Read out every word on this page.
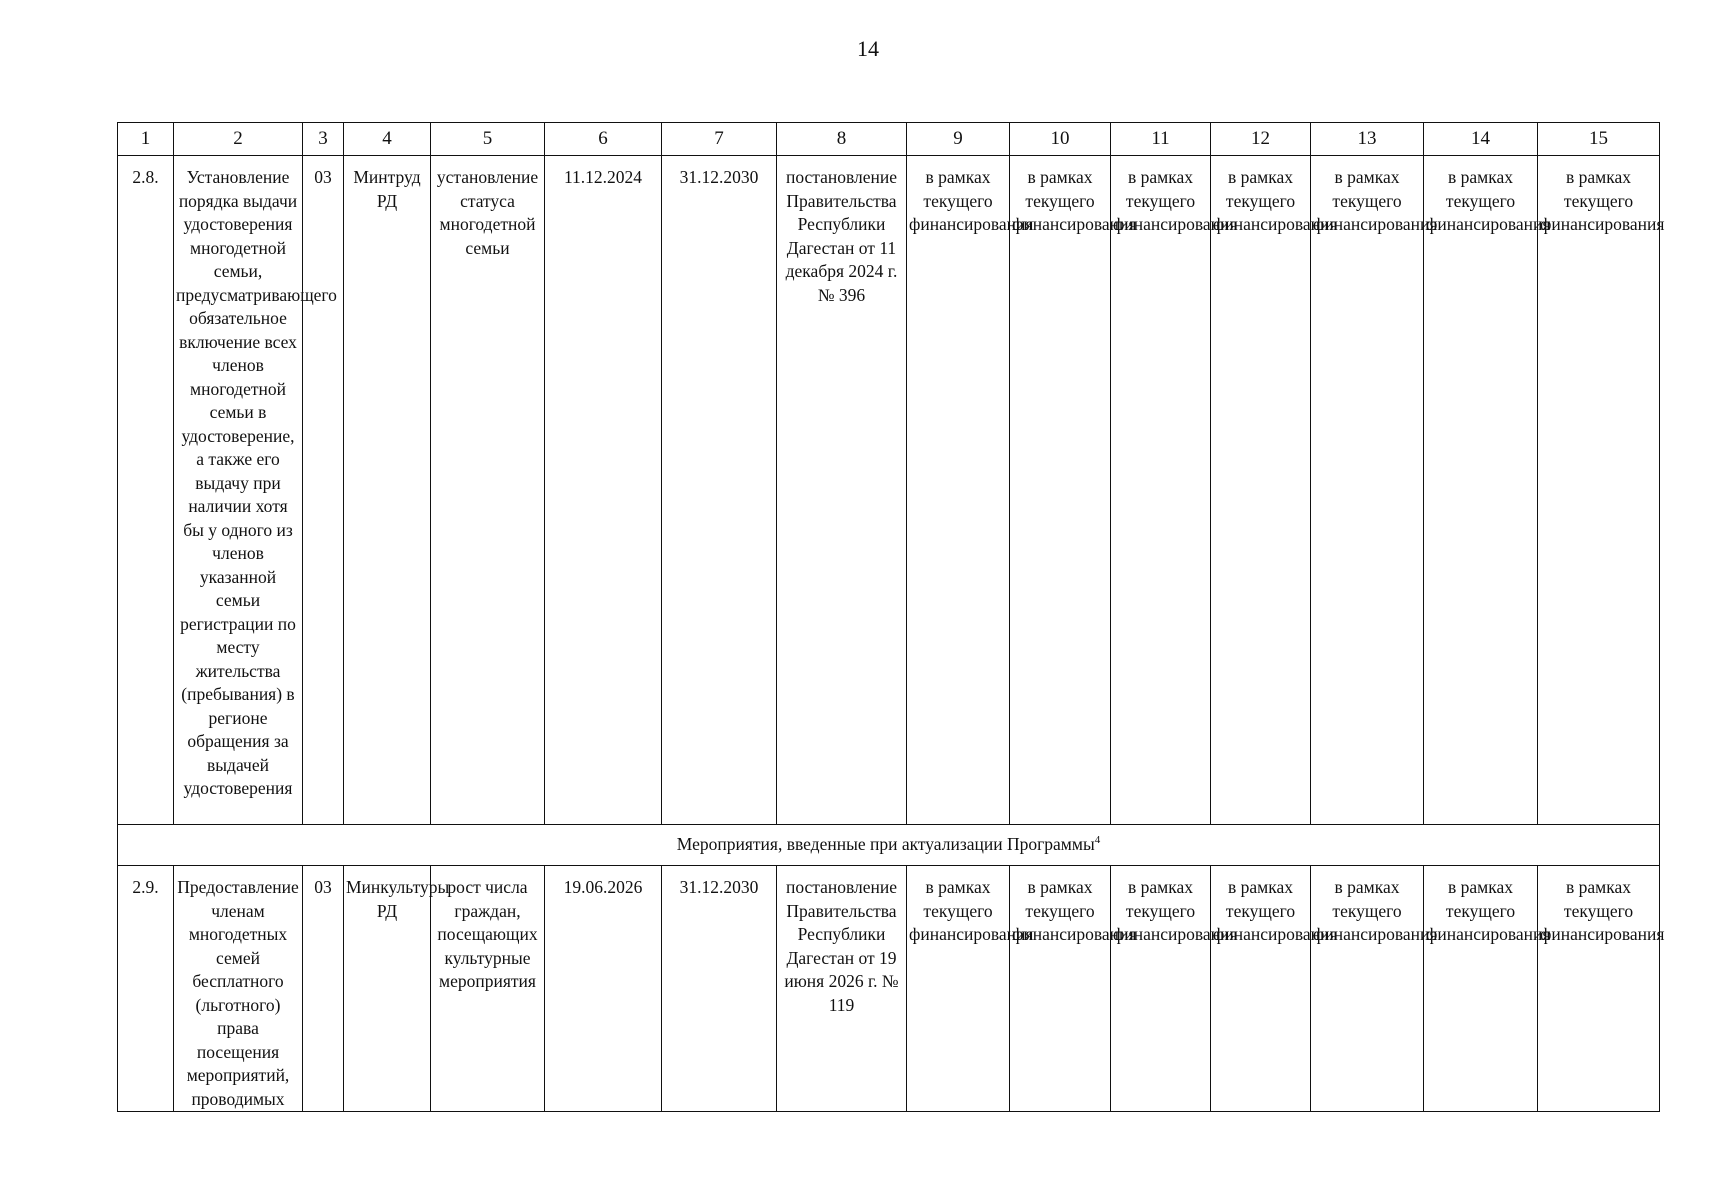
14
1	2	3	4	5	6	7	8	9	10	11	12	13	14	15
2.8.	Установление порядка выдачи удостоверения многодетной семьи, предусматривающего обязательное включение всех членов многодетной семьи в удостоверение, а также его выдачу при наличии хотя бы у одного из членов указанной семьи регистрации по месту жительства (пребывания) в регионе обращения за выдачей удостоверения	03	Минтруд РД	установление статуса многодетной семьи	11.12.2024	31.12.2030	постановление Правительства Республики Дагестан от 11 декабря 2024 г. № 396	в рамках текущего финансирования	в рамках текущего финансирования	в рамках текущего финансирования	в рамках текущего финансирования	в рамках текущего финансирования	в рамках текущего финансирования	в рамках текущего финансирования
Мероприятия, введенные при актуализации Программы$^4$
2.9.	Предоставление членам многодетных семей бесплатного (льготного) права посещения мероприятий, проводимых	03	Минкультуры РД	рост числа граждан, посещающих культурные мероприятия	19.06.2026	31.12.2030	постановление Правительства Республики Дагестан от 19 июня 2026 г. № 119	в рамках текущего финансирования	в рамках текущего финансирования	в рамках текущего финансирования	в рамках текущего финансирования	в рамках текущего финансирования	в рамках текущего финансирования	в рамках текущего финансирования
